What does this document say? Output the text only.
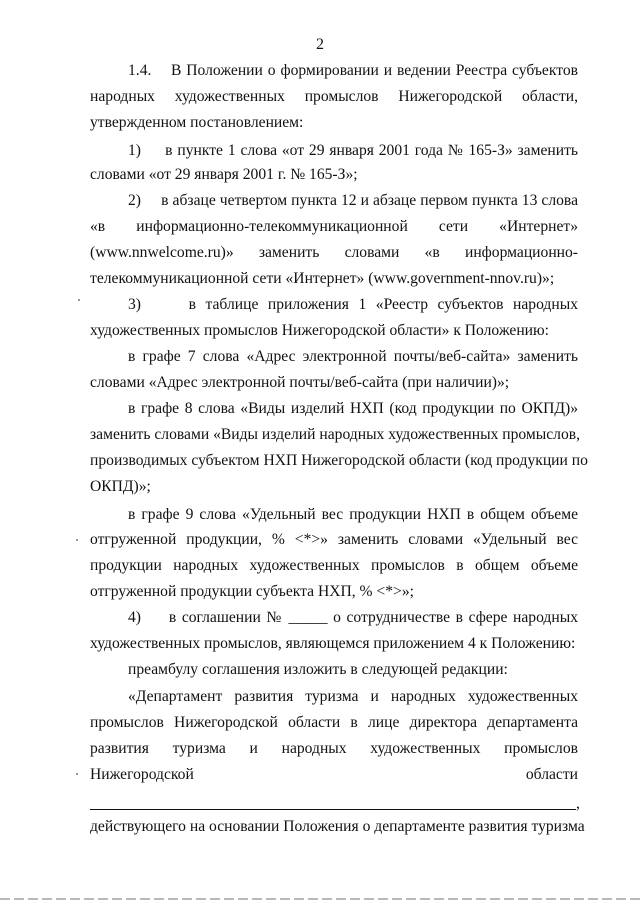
2
1.4.    В Положении о формировании и ведении Реестра субъектов
народных художественных промыслов Нижегородской области,
утвержденном постановлением:
1)     в пункте 1 слова «от 29 января 2001 года № 165-З» заменить
словами «от 29 января 2001 г. № 165-З»;
2)     в абзаце четвертом пункта 12 и абзаце первом пункта 13 слова
«в информационно-телекоммуникационной сети «Интернет»
(www.nnwelcome.ru)» заменить словами «в информационно-
телекоммуникационной сети «Интернет» (www.government-nnov.ru)»;
3)     в таблице приложения 1 «Реестр субъектов народных
художественных промыслов Нижегородской области» к Положению:
в графе 7 слова «Адрес электронной почты/веб-сайта» заменить
словами «Адрес электронной почты/веб-сайта (при наличии)»;
в графе 8 слова «Виды изделий НХП (код продукции по ОКПД)»
заменить словами «Виды изделий народных художественных промыслов,
производимых субъектом НХП Нижегородской области (код продукции по
ОКПД)»;
в графе 9 слова «Удельный вес продукции НХП в общем объеме
отгруженной продукции, % <*>» заменить словами «Удельный вес
продукции народных художественных промыслов в общем объеме
отгруженной продукции субъекта НХП, % <*>»;
4)     в соглашении № _____ о сотрудничестве в сфере народных
художественных промыслов, являющемся приложением 4 к Положению:
преамбулу соглашения изложить в следующей редакции:
«Департамент развития туризма и народных художественных
промыслов Нижегородской области в лице директора департамента
развития туризма и народных художественных промыслов
Нижегородской области
,
действующего на основании Положения о департаменте развития туризма
